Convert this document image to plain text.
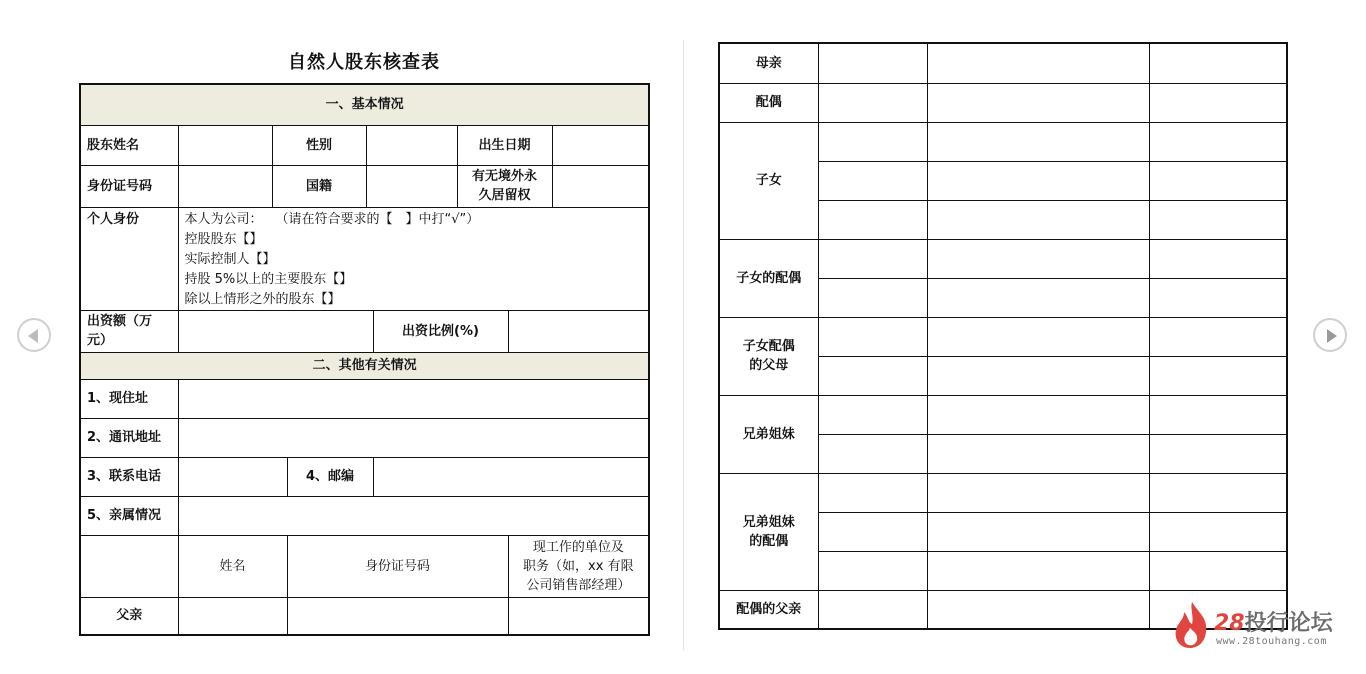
自然人股东核查表
一、基本情况								
股东姓名		性别				出生日期		
身份证号码		国籍				有无境外永
久居留权		

个人身份	本人为公司：　　（请在符合要求的【　】中打“√”）
控股股东【】
实际控制人【】
持股 5%以上的主要股东【】
除以上情形之外的股东【】							

出资额（万
元）					出资比例(%)			
二、其他有关情况								
1、现住址								
2、通讯地址								
3、联系电话			4、邮编					
5、亲属情况								
	姓名		身份证号码				现工作的单位及
职务（如，xx 有限
公司销售部经理）	

父亲								
母亲			
配偶			
子女			

子女的配偶			

子女配偶
的父母			

兄弟姐妹			

兄弟姐妹
的配偶			

配偶的父亲			
28投行论坛
www.28touhang.com
